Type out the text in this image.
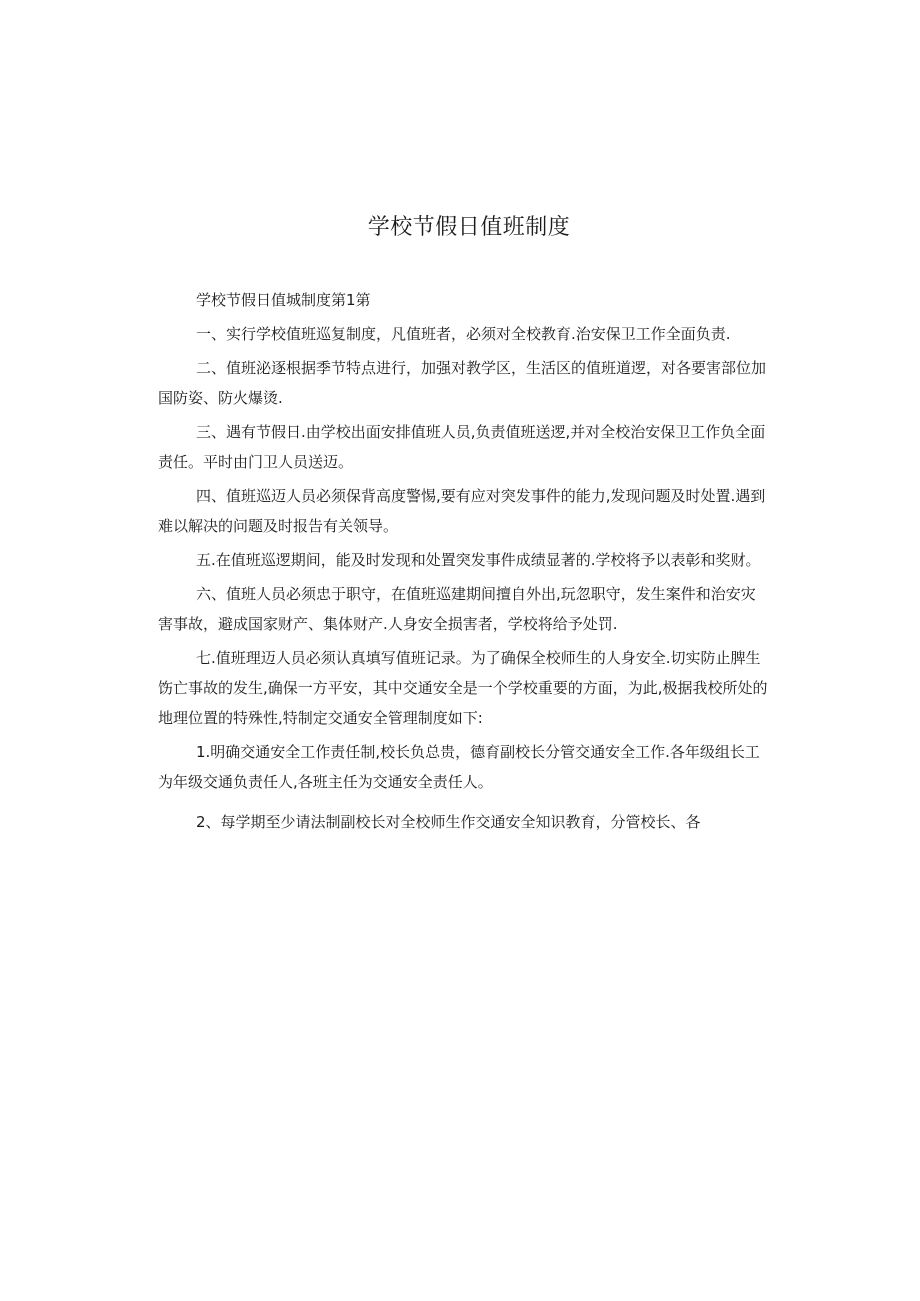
学校节假日值班制度

学校节假日值城制度第1第

一、实行学校值班巡复制度，凡值班者，必须对全校教育.治安保卫工作全面负责.

二、值班泌逐根据季节特点进行，加强对教学区，生活区的值班道逻，对各要害部位加国防姿、防火爆烫.

三、遇有节假日.由学校出面安排值班人员,负责值班送逻,并对全校治安保卫工作负全面责任。平时由门卫人员送迈。

四、值班巡迈人员必须保背高度警惕,要有应对突发事件的能力,发现问题及时处置.遇到难以解决的问题及时报告有关领导。

五.在值班巡逻期间，能及时发现和处置突发事件成绩显著的.学校将予以表彰和奖财。

六、值班人员必须忠于职守，在值班巡建期间擅自外出,玩忽职守，发生案件和治安灾害事故，避成国家财产、集体财产.人身安全损害者，学校将给予处罚.

七.值班理迈人员必须认真填写值班记录。为了确保全校师生的人身安全.切实防止脾生饬亡事故的发生,确保一方平安，其中交通安全是一个学校重要的方面，为此,极据我校所处的地理位置的特殊性,特制定交通安全管理制度如下:

1.明确交通安全工作责任制,校长负总贵，德育副校长分管交通安全工作.各年级组长工为年级交通负责任人,各班主任为交通安全责任人。

2、每学期至少请法制副校长对全校师生作交通安全知识教育，分管校长、各
